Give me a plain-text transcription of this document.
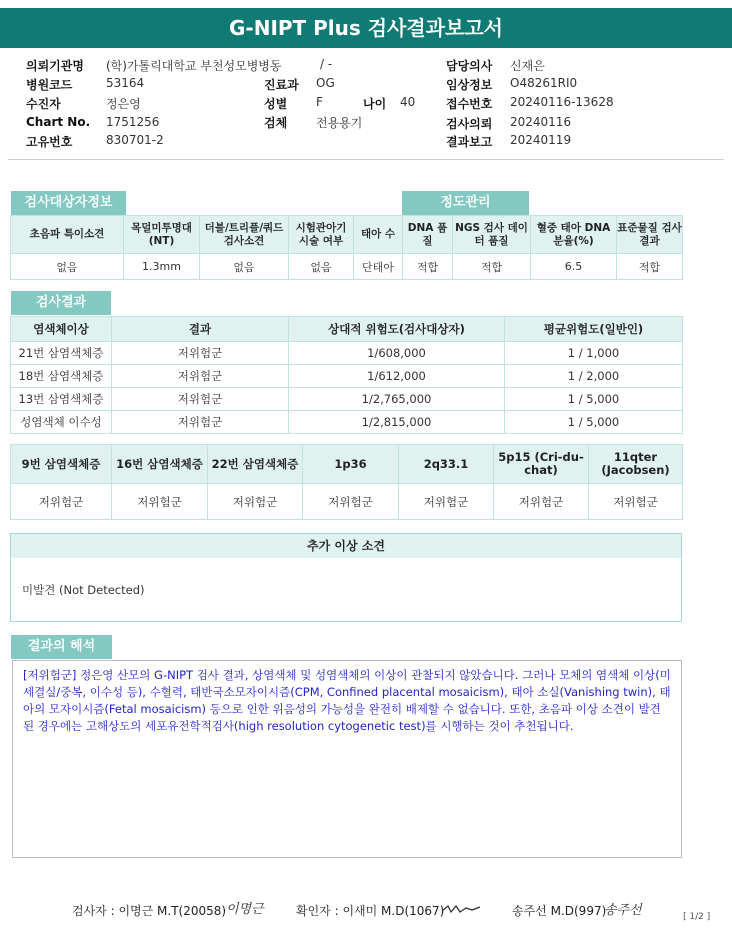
G-NIPT Plus 검사결과보고서
의뢰기관명 (학)가톨릭대학교 부천성모병병동	/ -	담당의사 신재은
병원코드	53164	진료과 OG	임상정보 O48261RI0
수진자	정은영	성별 F	나이 40	접수번호 20240116-13628
Chart No. 1751256	검체 전용용기	검사의뢰 20240116
고유번호	830701-2	결과보고 20240119
검사대상자정보	정도관리
초음파 특이소견	목덜미투명대 (NT)	더블/트리플/쿼드 검사소견	시험관아기 시술 여부	태아 수	DNA 품질	NGS 검사 데이터 품질	혈중 태아 DNA 분율(%)	표준물질 검사결과
없음	1.3mm	없음	없음	단태아	적합	적합	6.5	적합
검사결과
염색체이상	결과	상대적 위험도(검사대상자)	평균위험도(일반인)
21번 삼염색체증	저위험군	1/608,000	1 / 1,000
18번 삼염색체증	저위험군	1/612,000	1 / 2,000
13번 삼염색체증	저위험군	1/2,765,000	1 / 5,000
성염색체 이수성	저위험군	1/2,815,000	1 / 5,000
9번 삼염색체증	16번 삼염색체증	22번 삼염색체증	1p36	2q33.1	5p15 (Cri-du-chat)	11qter (Jacobsen)
저위험군	저위험군	저위험군	저위험군	저위험군	저위험군	저위험군
추가 이상 소견
미발견 (Not Detected)
결과의 해석
[저위험군] 정은영 산모의 G-NIPT 검사 결과, 상염색체 및 성염색체의 이상이 관찰되지 않았습니다. 그러나 모체의 염색체 이상(미세결실/중복, 이수성 등), 수혈력, 태반국소모자이시즘(CPM, Confined placental mosaicism), 태아 소실(Vanishing twin), 태아의 모자이시즘(Fetal mosaicism) 등으로 인한 위음성의 가능성을 완전히 배제할 수 없습니다. 또한, 초음파 이상 소견이 발견된 경우에는 고해상도의 세포유전학적검사(high resolution cytogenetic test)를 시행하는 것이 추천됩니다.
검사자 : 이명근 M.T(20058) 이명근	확인자 : 이새미 M.D(1067)	송주선 M.D(997)
송주선	[ 1/2 ]
